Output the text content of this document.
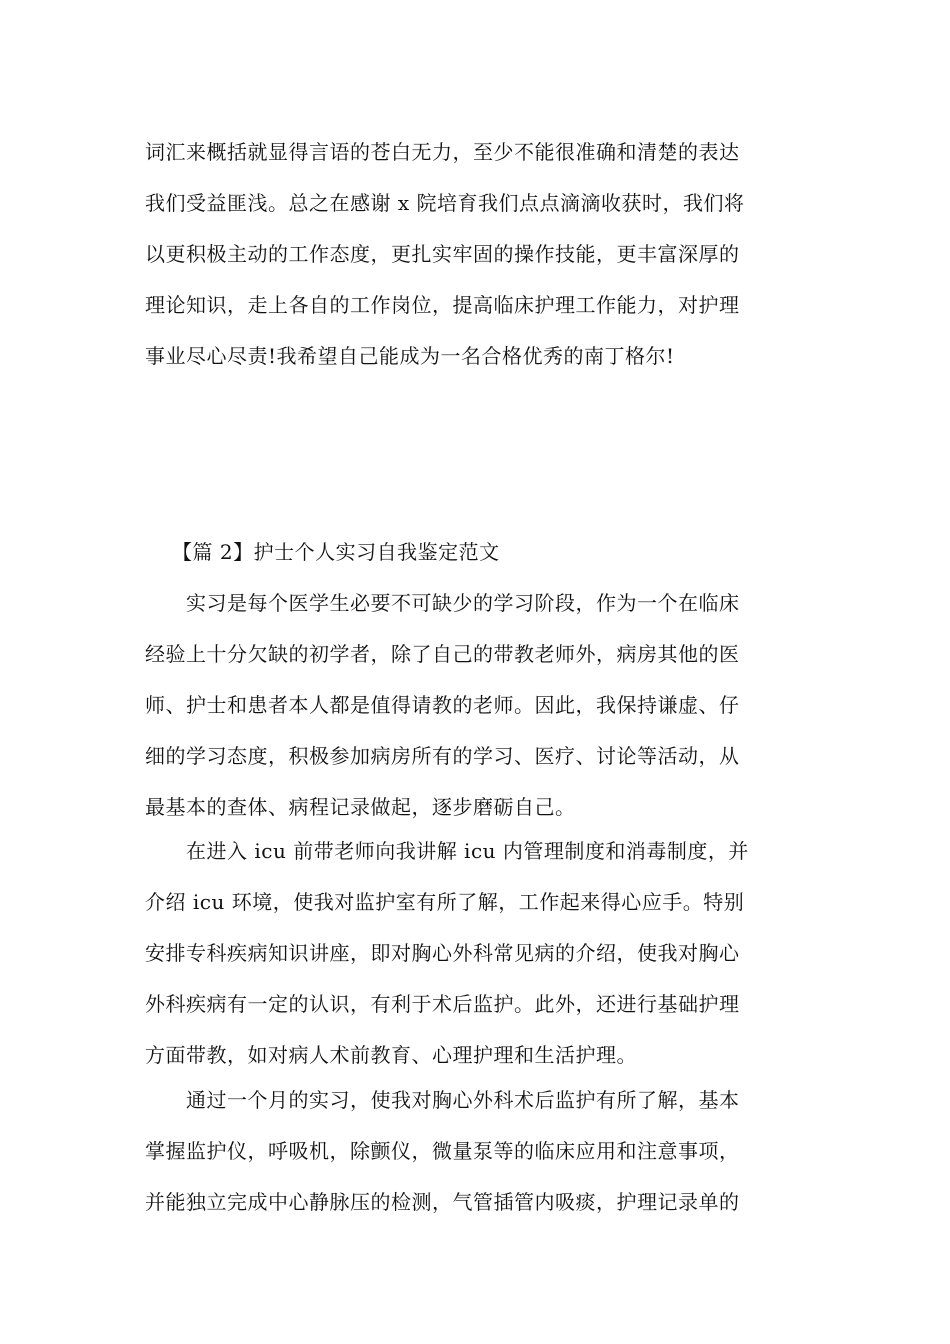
词汇来概括就显得言语的苍白无力，至少不能很准确和清楚的表达
我们受益匪浅。总之在感谢 x 院培育我们点点滴滴收获时，我们将
以更积极主动的工作态度，更扎实牢固的操作技能，更丰富深厚的
理论知识，走上各自的工作岗位，提高临床护理工作能力，对护理
事业尽心尽责!我希望自己能成为一名合格优秀的南丁格尔!

【篇 2】护士个人实习自我鉴定范文

　　实习是每个医学生必要不可缺少的学习阶段，作为一个在临床
经验上十分欠缺的初学者，除了自己的带教老师外，病房其他的医
师、护士和患者本人都是值得请教的老师。因此，我保持谦虚、仔
细的学习态度，积极参加病房所有的学习、医疗、讨论等活动，从
最基本的查体、病程记录做起，逐步磨砺自己。

　　在进入 icu 前带老师向我讲解 icu 内管理制度和消毒制度，并
介绍 icu 环境，使我对监护室有所了解，工作起来得心应手。特别
安排专科疾病知识讲座，即对胸心外科常见病的介绍，使我对胸心
外科疾病有一定的认识，有利于术后监护。此外，还进行基础护理
方面带教，如对病人术前教育、心理护理和生活护理。

　　通过一个月的实习，使我对胸心外科术后监护有所了解，基本
掌握监护仪，呼吸机，除颤仪，微量泵等的临床应用和注意事项，
并能独立完成中心静脉压的检测，气管插管内吸痰，护理记录单的
